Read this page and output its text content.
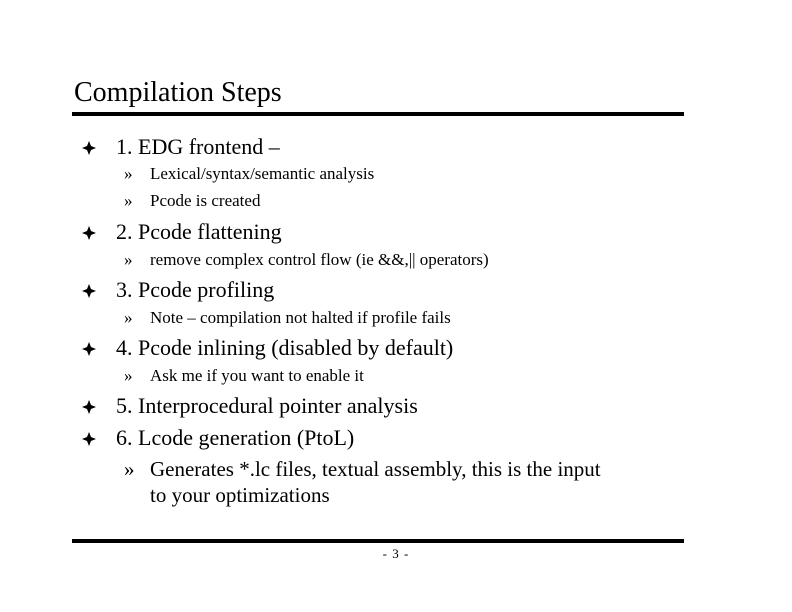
Compilation Steps
1. EDG frontend –
» Lexical/syntax/semantic analysis
» Pcode is created
2. Pcode flattening
» remove complex control flow (ie &&,|| operators)
3. Pcode profiling
» Note – compilation not halted if profile fails
4. Pcode inlining (disabled by default)
» Ask me if you want to enable it
5. Interprocedural pointer analysis
6. Lcode generation (PtoL)
» Generates *.lc files, textual assembly, this is the input
to your optimizations
- 3 -
